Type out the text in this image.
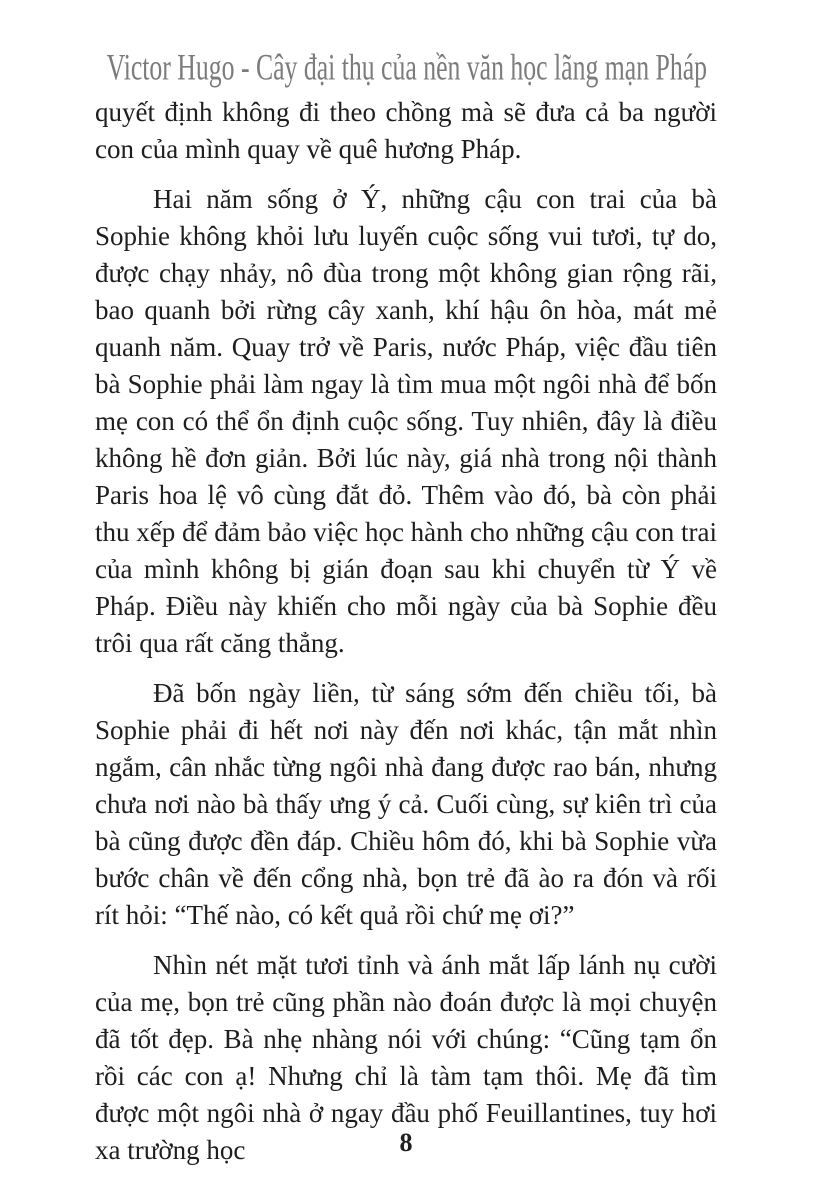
Victor Hugo - Cây đại thụ của nền văn học lãng mạn Pháp

quyết định không đi theo chồng mà sẽ đưa cả ba người con của mình quay về quê hương Pháp.

Hai năm sống ở Ý, những cậu con trai của bà Sophie không khỏi lưu luyến cuộc sống vui tươi, tự do, được chạy nhảy, nô đùa trong một không gian rộng rãi, bao quanh bởi rừng cây xanh, khí hậu ôn hòa, mát mẻ quanh năm. Quay trở về Paris, nước Pháp, việc đầu tiên bà Sophie phải làm ngay là tìm mua một ngôi nhà để bốn mẹ con có thể ổn định cuộc sống. Tuy nhiên, đây là điều không hề đơn giản. Bởi lúc này, giá nhà trong nội thành Paris hoa lệ vô cùng đắt đỏ. Thêm vào đó, bà còn phải thu xếp để đảm bảo việc học hành cho những cậu con trai của mình không bị gián đoạn sau khi chuyển từ Ý về Pháp. Điều này khiến cho mỗi ngày của bà Sophie đều trôi qua rất căng thẳng.

Đã bốn ngày liền, từ sáng sớm đến chiều tối, bà Sophie phải đi hết nơi này đến nơi khác, tận mắt nhìn ngắm, cân nhắc từng ngôi nhà đang được rao bán, nhưng chưa nơi nào bà thấy ưng ý cả. Cuối cùng, sự kiên trì của bà cũng được đền đáp. Chiều hôm đó, khi bà Sophie vừa bước chân về đến cổng nhà, bọn trẻ đã ào ra đón và rối rít hỏi: “Thế nào, có kết quả rồi chứ mẹ ơi?”

Nhìn nét mặt tươi tỉnh và ánh mắt lấp lánh nụ cười của mẹ, bọn trẻ cũng phần nào đoán được là mọi chuyện đã tốt đẹp. Bà nhẹ nhàng nói với chúng: “Cũng tạm ổn rồi các con ạ! Nhưng chỉ là tàm tạm thôi. Mẹ đã tìm được một ngôi nhà ở ngay đầu phố Feuillantines, tuy hơi xa trường học	8
